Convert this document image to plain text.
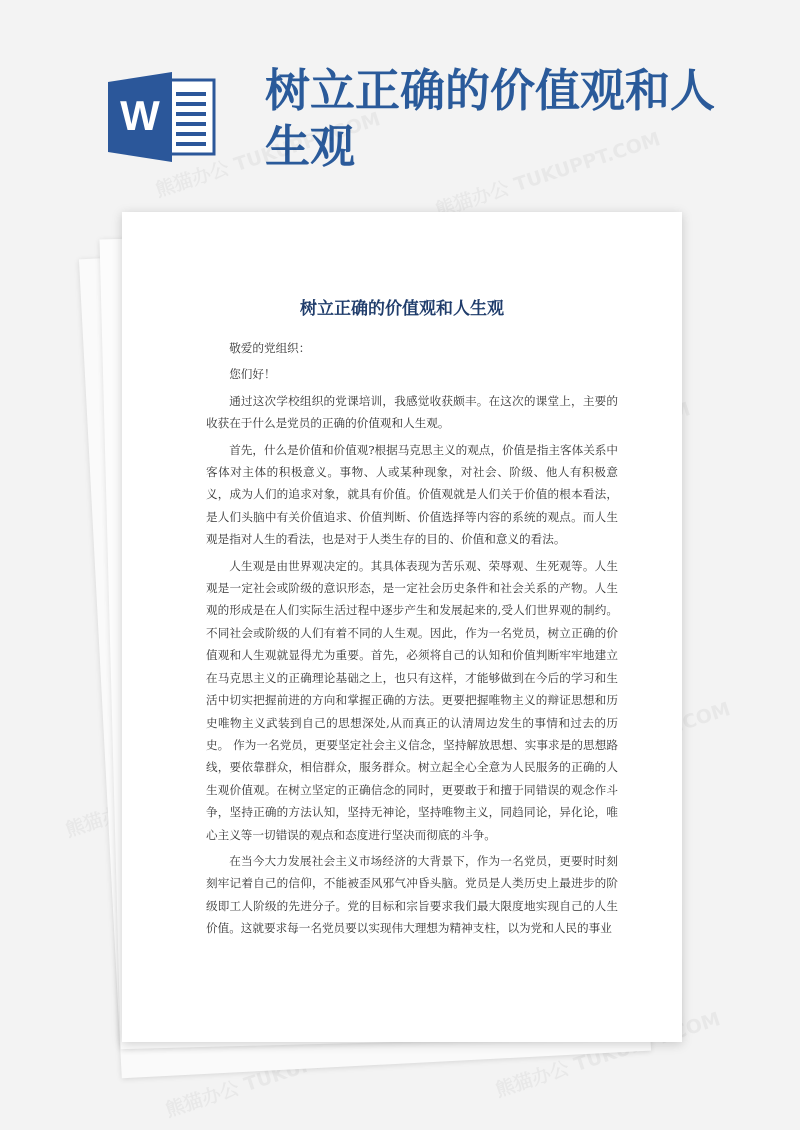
W 树立正确的价值观和人生观
树立正确的价值观和人生观

敬爱的党组织：

您们好！

通过这次学校组织的党课培训，我感觉收获颇丰。在这次的课堂上，主要的收获在于什么是党员的正确的价值观和人生观。

首先，什么是价值和价值观?根据马克思主义的观点，价值是指主客体关系中客体对主体的积极意义。事物、人或某种现象，对社会、阶级、他人有积极意义，成为人们的追求对象，就具有价值。价值观就是人们关于价值的根本看法，是人们头脑中有关价值追求、价值判断、价值选择等内容的系统的观点。而人生观是指对人生的看法，也是对于人类生存的目的、价值和意义的看法。

人生观是由世界观决定的。其具体表现为苦乐观、荣辱观、生死观等。人生观是一定社会或阶级的意识形态，是一定社会历史条件和社会关系的产物。人生观的形成是在人们实际生活过程中逐步产生和发展起来的,受人们世界观的制约。不同社会或阶级的人们有着不同的人生观。因此，作为一名党员，树立正确的价值观和人生观就显得尤为重要。首先，必须将自己的认知和价值判断牢牢地建立在马克思主义的正确理论基础之上，也只有这样，才能够做到在今后的学习和生活中切实把握前进的方向和掌握正确的方法。更要把握唯物主义的辩证思想和历史唯物主义武装到自己的思想深处,从而真正的认清周边发生的事情和过去的历史。 作为一名党员，更要坚定社会主义信念，坚持解放思想、实事求是的思想路线，要依靠群众，相信群众，服务群众。树立起全心全意为人民服务的正确的人生观价值观。在树立坚定的正确信念的同时，更要敢于和擅于同错误的观念作斗争，坚持正确的方法认知，坚持无神论，坚持唯物主义，同趋同论，异化论，唯心主义等一切错误的观点和态度进行坚决而彻底的斗争。

在当今大力发展社会主义市场经济的大背景下，作为一名党员，更要时时刻刻牢记着自己的信仰，不能被歪风邪气冲昏头脑。党员是人类历史上最进步的阶级即工人阶级的先进分子。党的目标和宗旨要求我们最大限度地实现自己的人生价值。这就要求每一名党员要以实现伟大理想为精神支柱，以为党和人民的事业
